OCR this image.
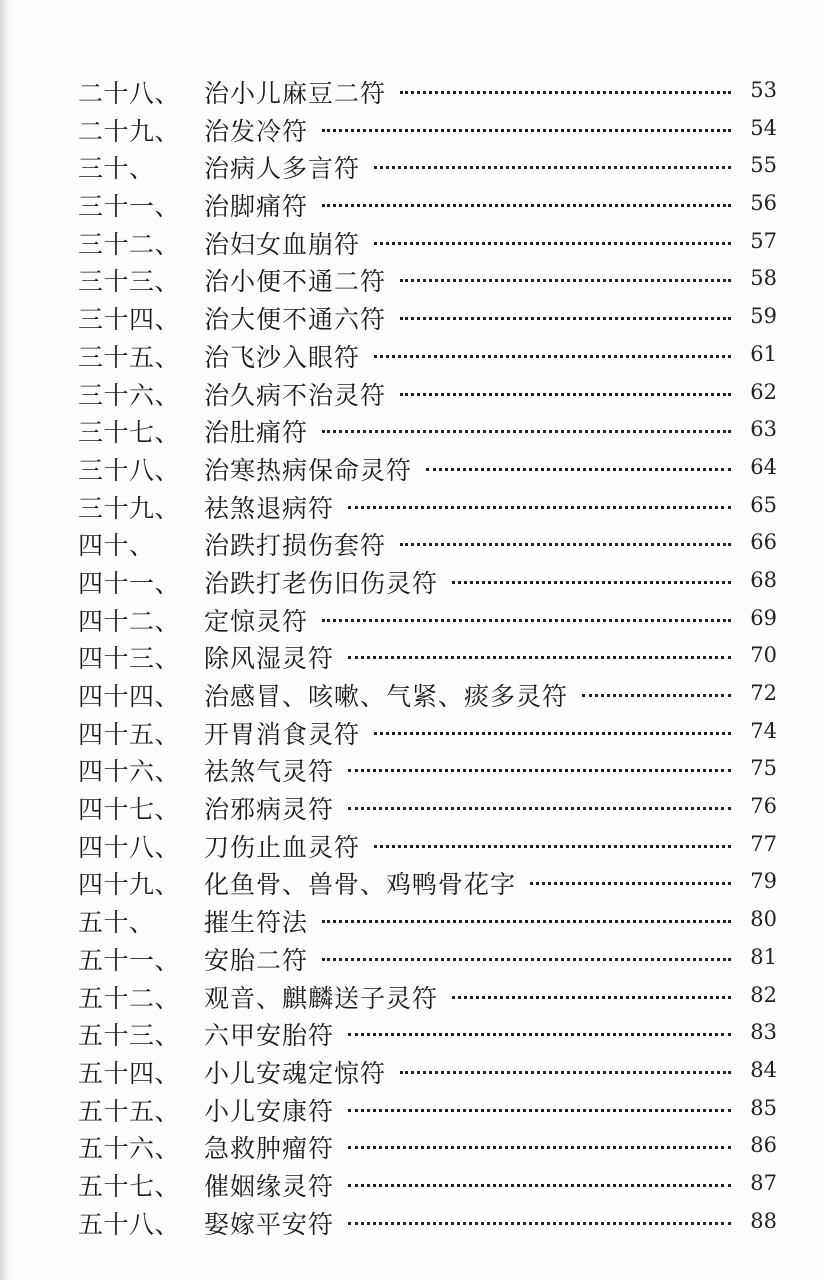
二十八、 治小儿麻豆二符	53
二十九、 治发冷符	54
三十、 治病人多言符	55
三十一、 治脚痛符	56
三十二、 治妇女血崩符	57
三十三、 治小便不通二符	58
三十四、 治大便不通六符	59
三十五、 治飞沙入眼符	61
三十六、 治久病不治灵符	62
三十七、 治肚痛符	63
三十八、 治寒热病保命灵符	64
三十九、 祛煞退病符	65
四十、 治跌打损伤套符	66
四十一、 治跌打老伤旧伤灵符	68
四十二、 定惊灵符	69
四十三、 除风湿灵符	70
四十四、 治感冒、咳嗽、气紧、痰多灵符	72
四十五、 开胃消食灵符	74
四十六、 祛煞气灵符	75
四十七、 治邪病灵符	76
四十八、 刀伤止血灵符	77
四十九、 化鱼骨、兽骨、鸡鸭骨花字	79
五十、 摧生符法	80
五十一、 安胎二符	81
五十二、 观音、麒麟送子灵符	82
五十三、 六甲安胎符	83
五十四、 小儿安魂定惊符	84
五十五、 小儿安康符	85
五十六、 急救肿瘤符	86
五十七、 催姻缘灵符	87
五十八、 娶嫁平安符	88
